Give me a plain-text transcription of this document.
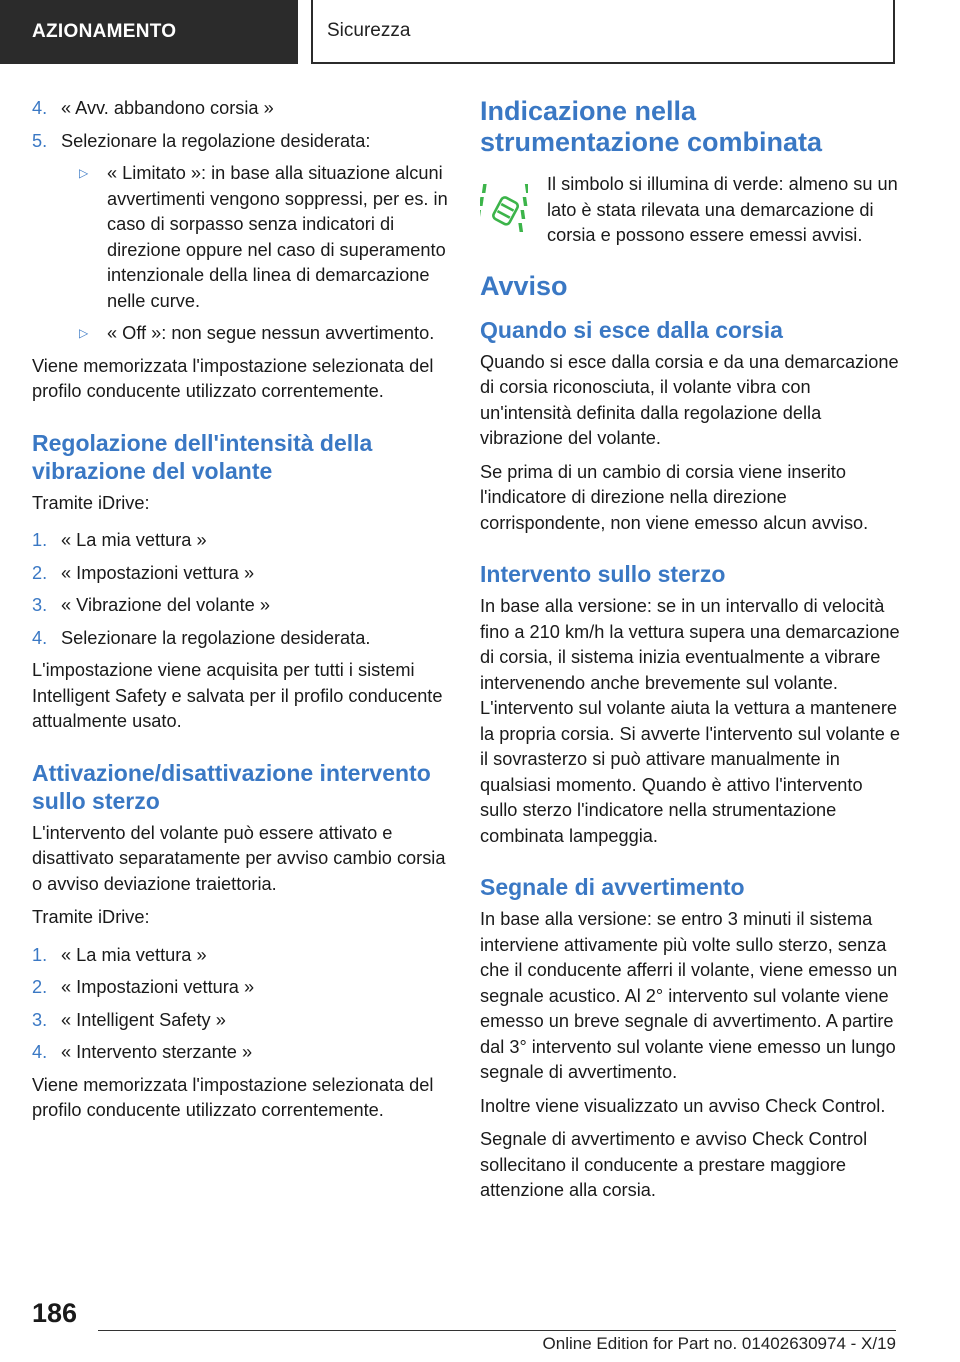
AZIONAMENTO	Sicurezza
4. « Avv. abbandono corsia »
5. Selezionare la regolazione desiderata:
▷	« Limitato »: in base alla situazione alcuni avvertimenti vengono soppressi, per es. in caso di sorpasso senza indicatori di direzione oppure nel caso di superamento intenzionale della linea di demarcazione nelle curve.
▷	« Off »: non segue nessun avvertimento.

Viene memorizzata l'impostazione selezionata del profilo conducente utilizzato correntemente.

Regolazione dell'intensità della vibrazione del volante

Tramite iDrive:

1. « La mia vettura »
2. « Impostazioni vettura »
3. « Vibrazione del volante »
4. Selezionare la regolazione desiderata.

L'impostazione viene acquisita per tutti i sistemi Intelligent Safety e salvata per il profilo conducente attualmente usato.

Attivazione/disattivazione intervento sullo sterzo

L'intervento del volante può essere attivato e disattivato separatamente per avviso cambio corsia o avviso deviazione traiettoria.

Tramite iDrive:

1. « La mia vettura »
2. « Impostazioni vettura »
3. « Intelligent Safety »
4. « Intervento sterzante »

Viene memorizzata l'impostazione selezionata del profilo conducente utilizzato correntemente.

Indicazione nella strumentazione combinata
Il simbolo si illumina di verde: almeno su un lato è stata rilevata una demarcazione di corsia e possono essere emessi avvisi.
Avviso
Quando si esce dalla corsia

Quando si esce dalla corsia e da una demarcazione di corsia riconosciuta, il volante vibra con un'intensità definita dalla regolazione della vibrazione del volante.

Se prima di un cambio di corsia viene inserito l'indicatore di direzione nella direzione corrispondente, non viene emesso alcun avviso.

Intervento sullo sterzo

In base alla versione: se in un intervallo di velocità fino a 210 km/h la vettura supera una demarcazione di corsia, il sistema inizia eventualmente a vibrare intervenendo anche brevemente sul volante. L'intervento sul volante aiuta la vettura a mantenere la propria corsia. Si avverte l'intervento sul volante e il sovrasterzo si può attivare manualmente in qualsiasi momento. Quando è attivo l'intervento sullo sterzo l'indicatore nella strumentazione combinata lampeggia.

Segnale di avvertimento

In base alla versione: se entro 3 minuti il sistema interviene attivamente più volte sullo sterzo, senza che il conducente afferri il volante, viene emesso un segnale acustico. Al 2° intervento sul volante viene emesso un breve segnale di avvertimento. A partire dal 3° intervento sul volante viene emesso un lungo segnale di avvertimento.

Inoltre viene visualizzato un avviso Check Control.

Segnale di avvertimento e avviso Check Control sollecitano il conducente a prestare maggiore attenzione alla corsia.

186
Online Edition for Part no. 01402630974 - X/19
